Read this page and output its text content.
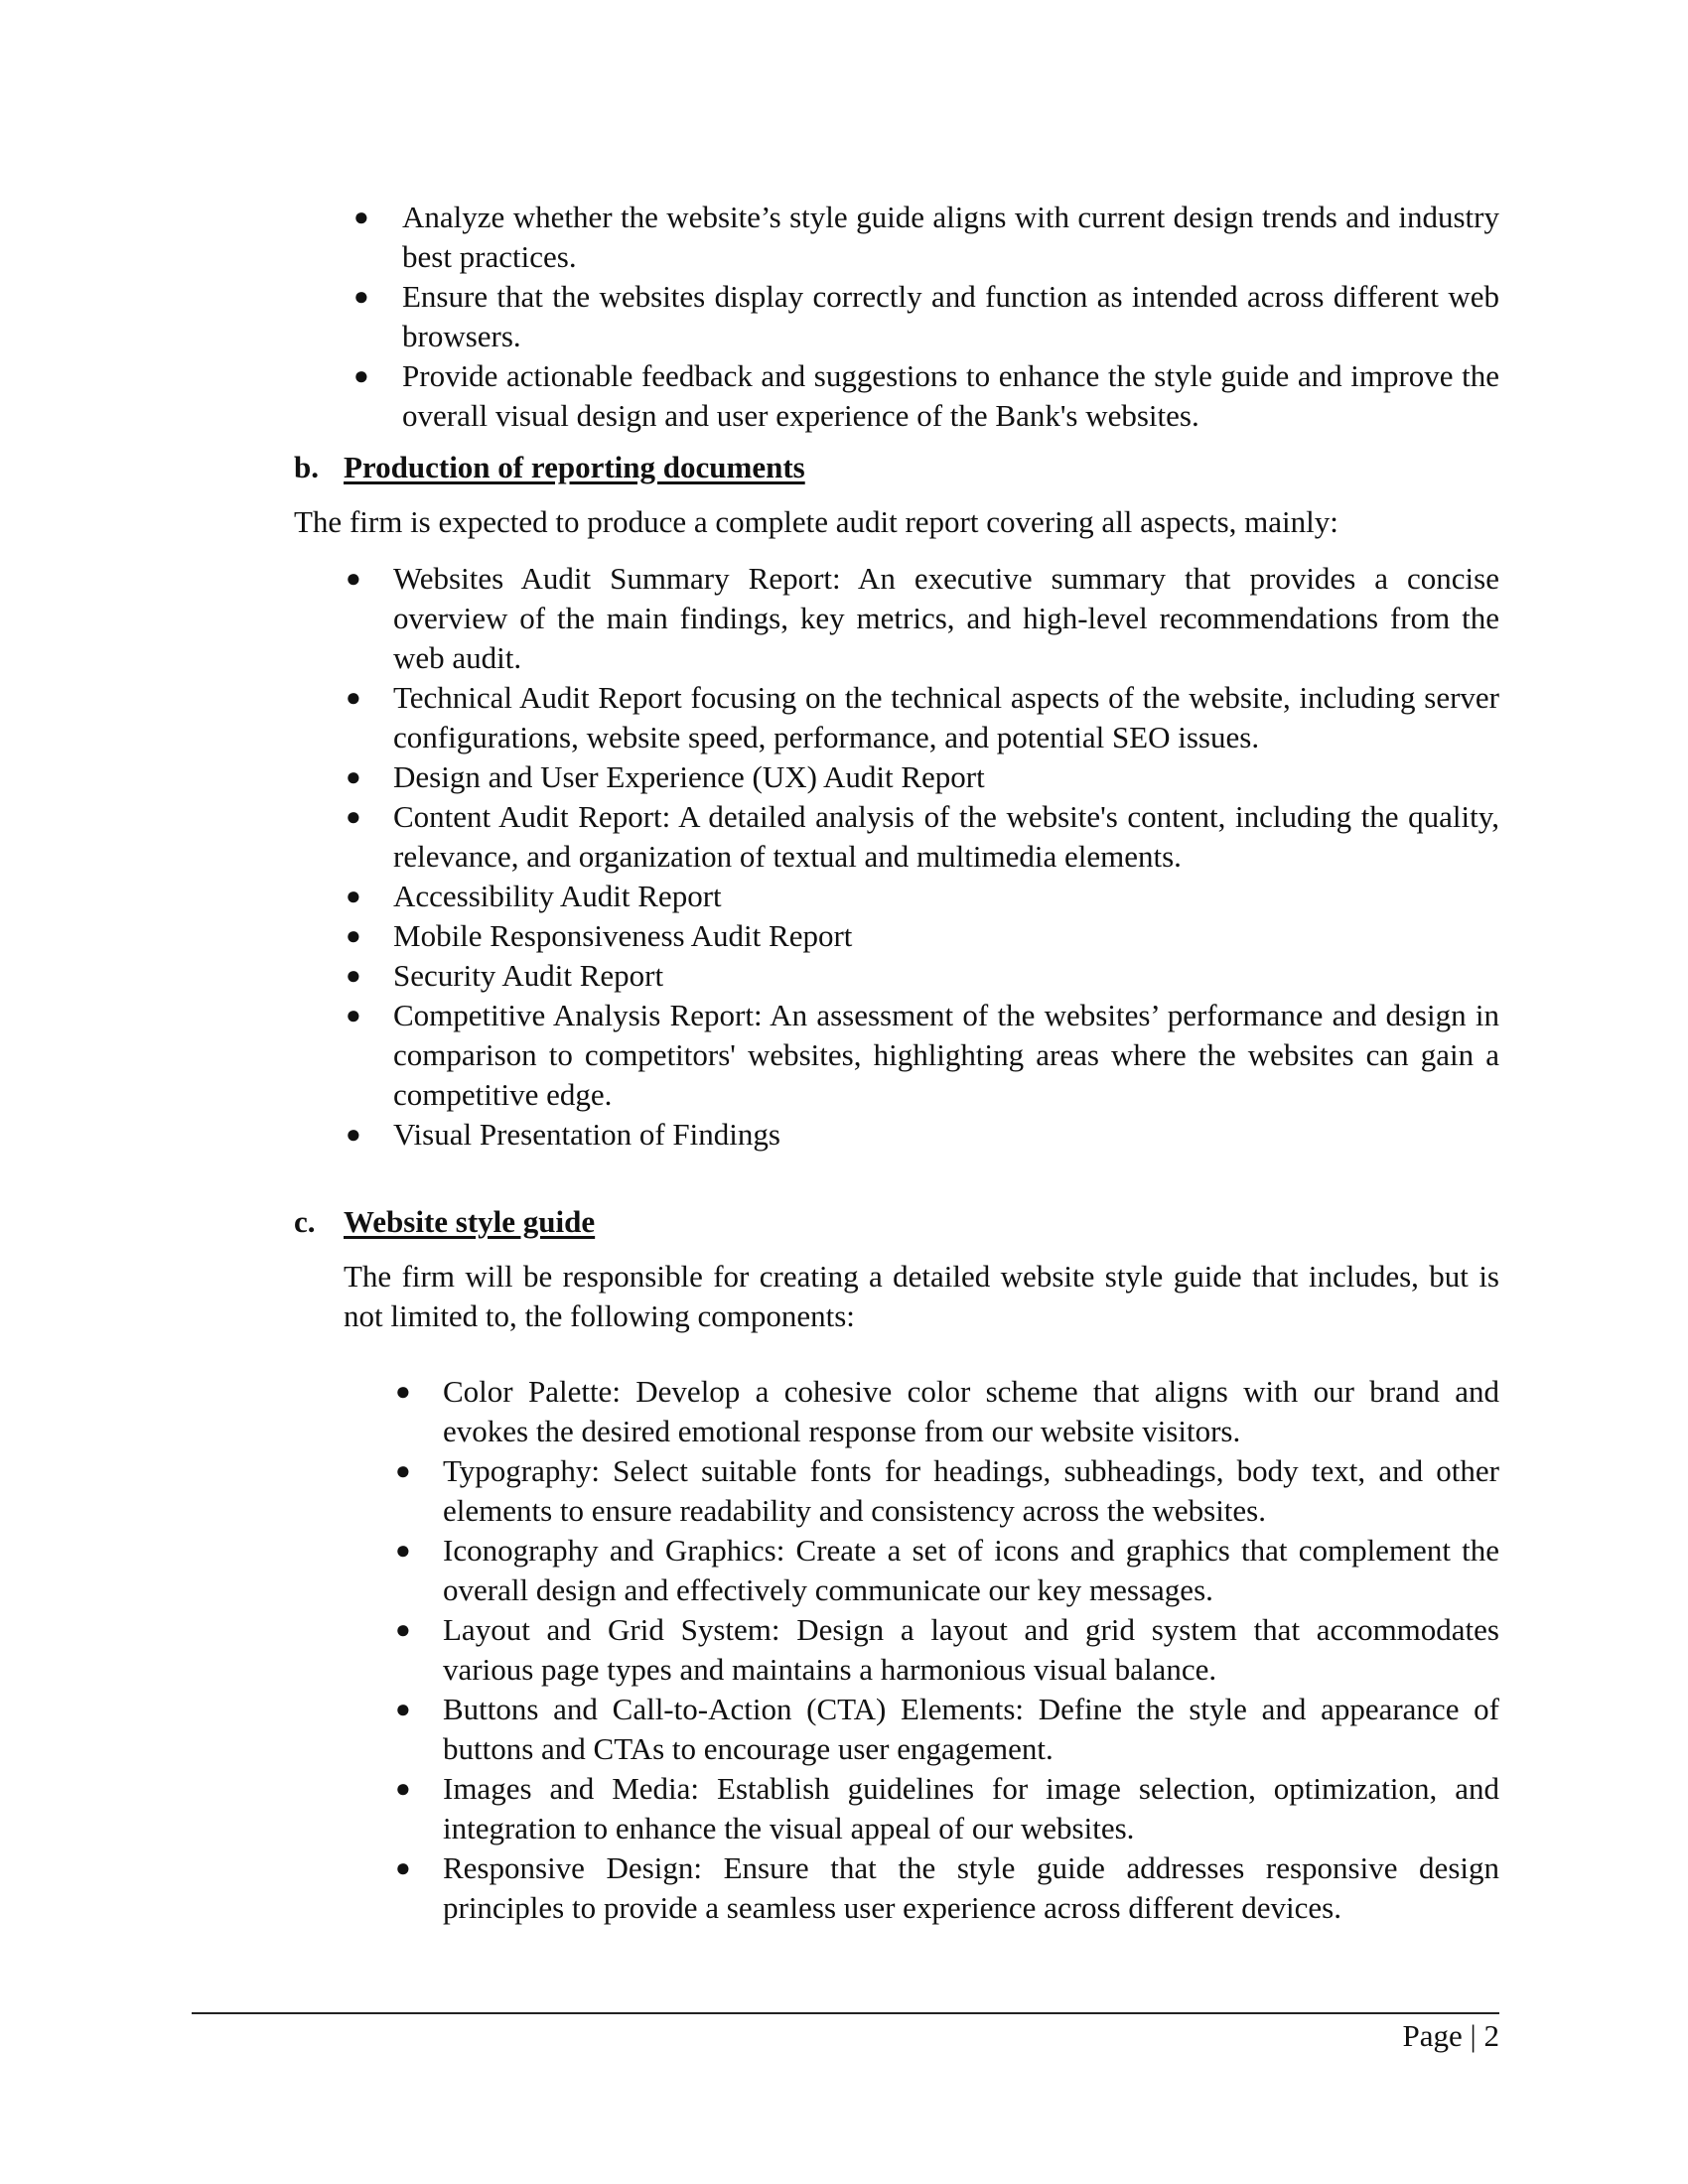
● Analyze whether the website’s style guide aligns with current design trends and industry best practices.
● Ensure that the websites display correctly and function as intended across different web browsers.
● Provide actionable feedback and suggestions to enhance the style guide and improve the overall visual design and user experience of the Bank's websites.
b. Production of reporting documents
The firm is expected to produce a complete audit report covering all aspects, mainly:
● Websites Audit Summary Report: An executive summary that provides a concise overview of the main findings, key metrics, and high-level recommendations from the web audit.
● Technical Audit Report focusing on the technical aspects of the website, including server configurations, website speed, performance, and potential SEO issues.
● Design and User Experience (UX) Audit Report
● Content Audit Report: A detailed analysis of the website's content, including the quality, relevance, and organization of textual and multimedia elements.
● Accessibility Audit Report
● Mobile Responsiveness Audit Report
● Security Audit Report
● Competitive Analysis Report: An assessment of the websites’ performance and design in comparison to competitors' websites, highlighting areas where the websites can gain a competitive edge.
● Visual Presentation of Findings
c. Website style guide
The firm will be responsible for creating a detailed website style guide that includes, but is not limited to, the following components:
● Color Palette: Develop a cohesive color scheme that aligns with our brand and evokes the desired emotional response from our website visitors.
● Typography: Select suitable fonts for headings, subheadings, body text, and other elements to ensure readability and consistency across the websites.
● Iconography and Graphics: Create a set of icons and graphics that complement the overall design and effectively communicate our key messages.
● Layout and Grid System: Design a layout and grid system that accommodates various page types and maintains a harmonious visual balance.
● Buttons and Call-to-Action (CTA) Elements: Define the style and appearance of buttons and CTAs to encourage user engagement.
● Images and Media: Establish guidelines for image selection, optimization, and integration to enhance the visual appeal of our websites.
● Responsive Design: Ensure that the style guide addresses responsive design principles to provide a seamless user experience across different devices.
Page | 2
